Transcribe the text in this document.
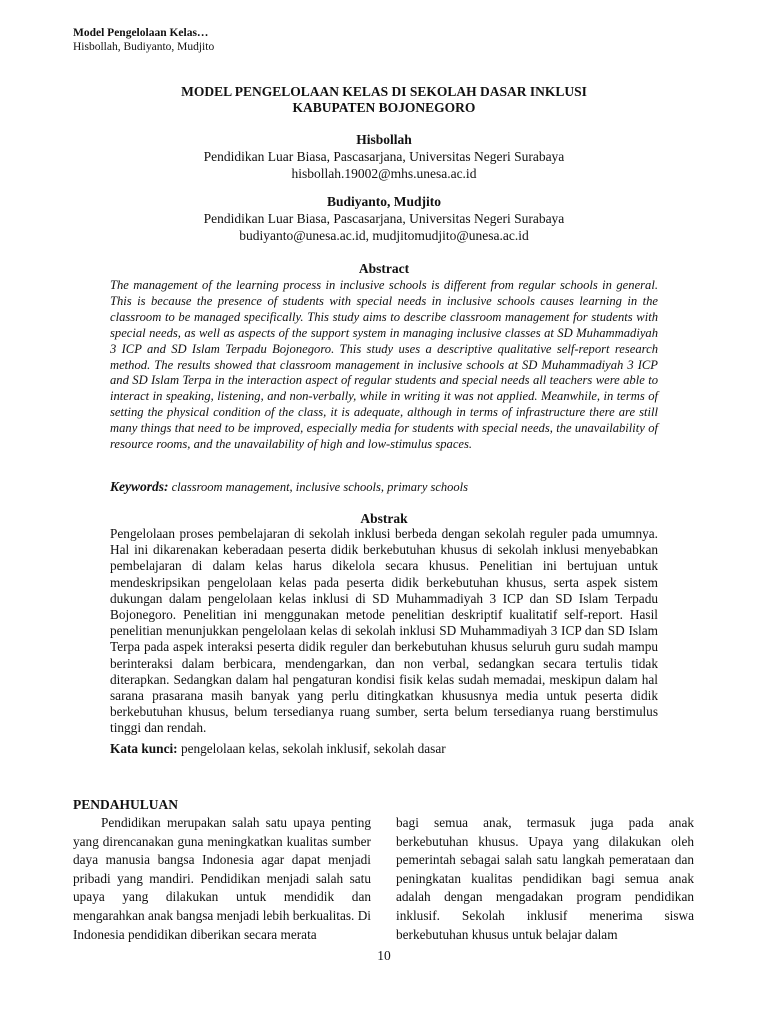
Model Pengelolaan Kelas…
Hisbollah, Budiyanto, Mudjito
MODEL PENGELOLAAN KELAS DI SEKOLAH DASAR INKLUSI
KABUPATEN BOJONEGORO
Hisbollah
Pendidikan Luar Biasa, Pascasarjana, Universitas Negeri Surabaya
hisbollah.19002@mhs.unesa.ac.id
Budiyanto, Mudjito
Pendidikan Luar Biasa, Pascasarjana, Universitas Negeri Surabaya
budiyanto@unesa.ac.id, mudjitomudjito@unesa.ac.id
Abstract

The management of the learning process in inclusive schools is different from regular schools in general. This is because the presence of students with special needs in inclusive schools causes learning in the classroom to be managed specifically. This study aims to describe classroom management for students with special needs, as well as aspects of the support system in managing inclusive classes at SD Muhammadiyah 3 ICP and SD Islam Terpadu Bojonegoro. This study uses a descriptive qualitative self-report research method. The results showed that classroom management in inclusive schools at SD Muhammadiyah 3 ICP and SD Islam Terpa in the interaction aspect of regular students and special needs all teachers were able to interact in speaking, listening, and non-verbally, while in writing it was not applied. Meanwhile, in terms of setting the physical condition of the class, it is adequate, although in terms of infrastructure there are still many things that need to be improved, especially media for students with special needs, the unavailability of resource rooms, and the unavailability of high and low-stimulus spaces.

Keywords: classroom management, inclusive schools, primary schools
Abstrak

Pengelolaan proses pembelajaran di sekolah inklusi berbeda dengan sekolah reguler pada umumnya. Hal ini dikarenakan keberadaan peserta didik berkebutuhan khusus di sekolah inklusi menyebabkan pembelajaran di dalam kelas harus dikelola secara khusus. Penelitian ini bertujuan untuk mendeskripsikan pengelolaan kelas pada peserta didik berkebutuhan khusus, serta aspek sistem dukungan dalam pengelolaan kelas inklusi di SD Muhammadiyah 3 ICP dan SD Islam Terpadu Bojonegoro. Penelitian ini menggunakan metode penelitian deskriptif kualitatif self-report. Hasil penelitian menunjukkan pengelolaan kelas di sekolah inklusi SD Muhammadiyah 3 ICP dan SD Islam Terpa pada aspek interaksi peserta didik reguler dan berkebutuhan khusus seluruh guru sudah mampu berinteraksi dalam berbicara, mendengarkan, dan non verbal, sedangkan secara tertulis tidak diterapkan. Sedangkan dalam hal pengaturan kondisi fisik kelas sudah memadai, meskipun dalam hal sarana prasarana masih banyak yang perlu ditingkatkan khususnya media untuk peserta didik berkebutuhan khusus, belum tersedianya ruang sumber, serta belum tersedianya ruang berstimulus tinggi dan rendah.

Kata kunci: pengelolaan kelas, sekolah inklusif, sekolah dasar
PENDAHULUAN

Pendidikan merupakan salah satu upaya penting yang direncanakan guna meningkatkan kualitas sumber daya manusia bangsa Indonesia agar dapat menjadi pribadi yang mandiri. Pendidikan menjadi salah satu upaya yang dilakukan untuk mendidik dan mengarahkan anak bangsa menjadi lebih berkualitas. Di Indonesia pendidikan diberikan secara merata

bagi semua anak, termasuk juga pada anak berkebutuhan khusus. Upaya yang dilakukan oleh pemerintah sebagai salah satu langkah pemerataan dan peningkatan kualitas pendidikan bagi semua anak adalah dengan mengadakan program pendidikan inklusif. Sekolah inklusif menerima siswa berkebutuhan khusus untuk belajar dalam

10
